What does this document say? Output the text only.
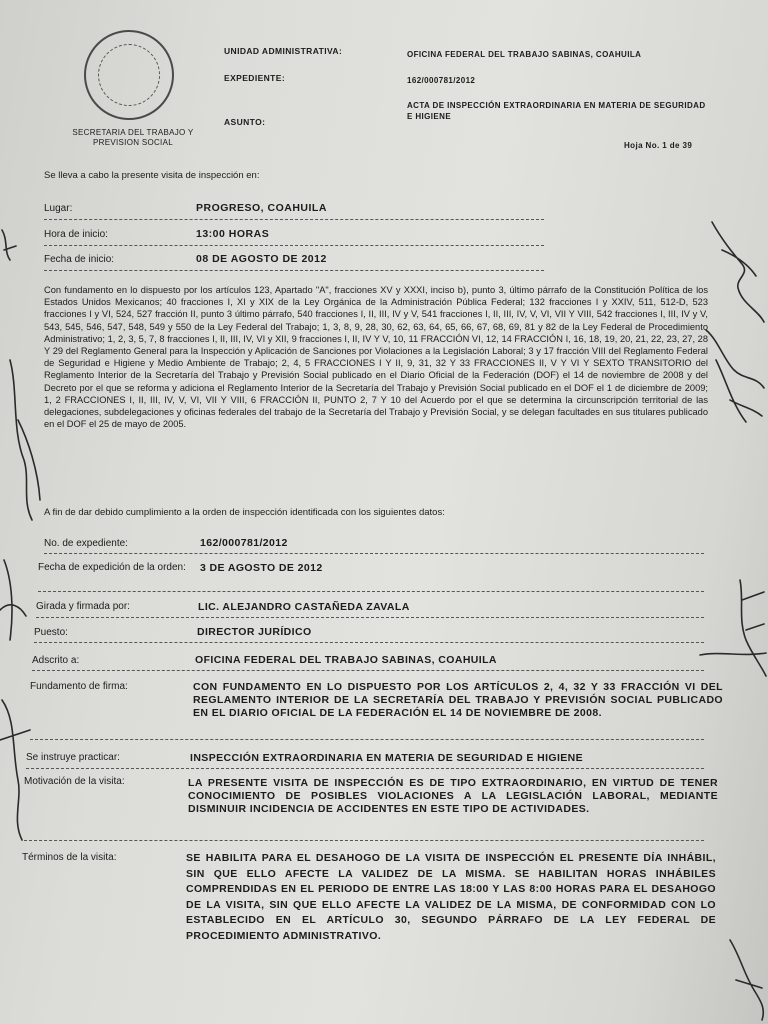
SECRETARIA DEL TRABAJO Y PREVISION SOCIAL
UNIDAD ADMINISTRATIVA:	OFICINA FEDERAL DEL TRABAJO SABINAS, COAHUILA
EXPEDIENTE:	162/000781/2012
ASUNTO:
ACTA DE INSPECCIÓN EXTRAORDINARIA EN MATERIA DE SEGURIDAD E HIGIENE
Hoja No. 1 de 39
Se lleva a cabo la presente visita de inspección en:
Lugar:	PROGRESO, COAHUILA
Hora de inicio:	13:00 HORAS
Fecha de inicio:	08 DE AGOSTO DE 2012
Con fundamento en lo dispuesto por los artículos 123, Apartado "A", fracciones XV y XXXI, inciso b), punto 3, último párrafo de la Constitución Política de los Estados Unidos Mexicanos; 40 fracciones I, XI y XIX de la Ley Orgánica de la Administración Pública Federal; 132 fracciones I y XXIV, 511, 512-D, 523 fracciones I y VI, 524, 527 fracción II, punto 3 último párrafo, 540 fracciones I, II, III, IV y V, 541 fracciones I, II, III, IV, V, VI, VII Y VIII, 542 fracciones I, III, IV y V, 543, 545, 546, 547, 548, 549 y 550 de la Ley Federal del Trabajo; 1, 3, 8, 9, 28, 30, 62, 63, 64, 65, 66, 67, 68, 69, 81 y 82 de la Ley Federal de Procedimiento Administrativo; 1, 2, 3, 5, 7, 8 fracciones I, II, III, IV, VI y XII, 9 fracciones I, II, IV Y V, 10, 11 FRACCIÓN VI, 12, 14 FRACCIÓN I, 16, 18, 19, 20, 21, 22, 23, 27, 28 Y 29 del Reglamento General para la Inspección y Aplicación de Sanciones por Violaciones a la Legislación Laboral; 3 y 17 fracción VIII del Reglamento Federal de Seguridad e Higiene y Medio Ambiente de Trabajo; 2, 4, 5 FRACCIONES I Y II, 9, 31, 32 Y 33 FRACCIONES II, V Y VI Y SEXTO TRANSITORIO del Reglamento Interior de la Secretaría del Trabajo y Previsión Social publicado en el Diario Oficial de la Federación (DOF) el 14 de noviembre de 2008 y del Decreto por el que se reforma y adiciona el Reglamento Interior de la Secretaría del Trabajo y Previsión Social publicado en el DOF el 1 de diciembre de 2009; 1, 2 FRACCIONES I, II, III, IV, V, VI, VII Y VIII, 6 FRACCIÓN II, PUNTO 2, 7 Y 10 del Acuerdo por el que se determina la circunscripción territorial de las delegaciones, subdelegaciones y oficinas federales del trabajo de la Secretaría del Trabajo y Previsión Social, y se delegan facultades en sus titulares publicado en el DOF el 25 de mayo de 2005.
A fin de dar debido cumplimiento a la orden de inspección identificada con los siguientes datos:
No. de expediente:	162/000781/2012
Fecha de expedición de la orden:	3 DE AGOSTO DE 2012
Girada y firmada por:	LIC. ALEJANDRO CASTAÑEDA ZAVALA
Puesto:	DIRECTOR JURÍDICO
Adscrito a:	OFICINA FEDERAL DEL TRABAJO SABINAS, COAHUILA
Fundamento de firma:	CON FUNDAMENTO EN LO DISPUESTO POR LOS ARTÍCULOS 2, 4, 32 Y 33 FRACCIÓN VI DEL REGLAMENTO INTERIOR DE LA SECRETARÍA DEL TRABAJO Y PREVISIÓN SOCIAL PUBLICADO EN EL DIARIO OFICIAL DE LA FEDERACIÓN EL 14 DE NOVIEMBRE DE 2008.
Se instruye practicar:	INSPECCIÓN EXTRAORDINARIA EN MATERIA DE SEGURIDAD E HIGIENE
Motivación de la visita:	LA PRESENTE VISITA DE INSPECCIÓN ES DE TIPO EXTRAORDINARIO, EN VIRTUD DE TENER CONOCIMIENTO DE POSIBLES VIOLACIONES A LA LEGISLACIÓN LABORAL, MEDIANTE DISMINUIR INCIDENCIA DE ACCIDENTES EN ESTE TIPO DE ACTIVIDADES.
Términos de la visita:	SE HABILITA PARA EL DESAHOGO DE LA VISITA DE INSPECCIÓN EL PRESENTE DÍA INHÁBIL, SIN QUE ELLO AFECTE LA VALIDEZ DE LA MISMA. SE HABILITAN HORAS INHÁBILES COMPRENDIDAS EN EL PERIODO DE ENTRE LAS 18:00 Y LAS 8:00 HORAS PARA EL DESAHOGO DE LA VISITA, SIN QUE ELLO AFECTE LA VALIDEZ DE LA MISMA, DE CONFORMIDAD CON LO ESTABLECIDO EN EL ARTÍCULO 30, SEGUNDO PÁRRAFO DE LA LEY FEDERAL DE PROCEDIMIENTO ADMINISTRATIVO.
